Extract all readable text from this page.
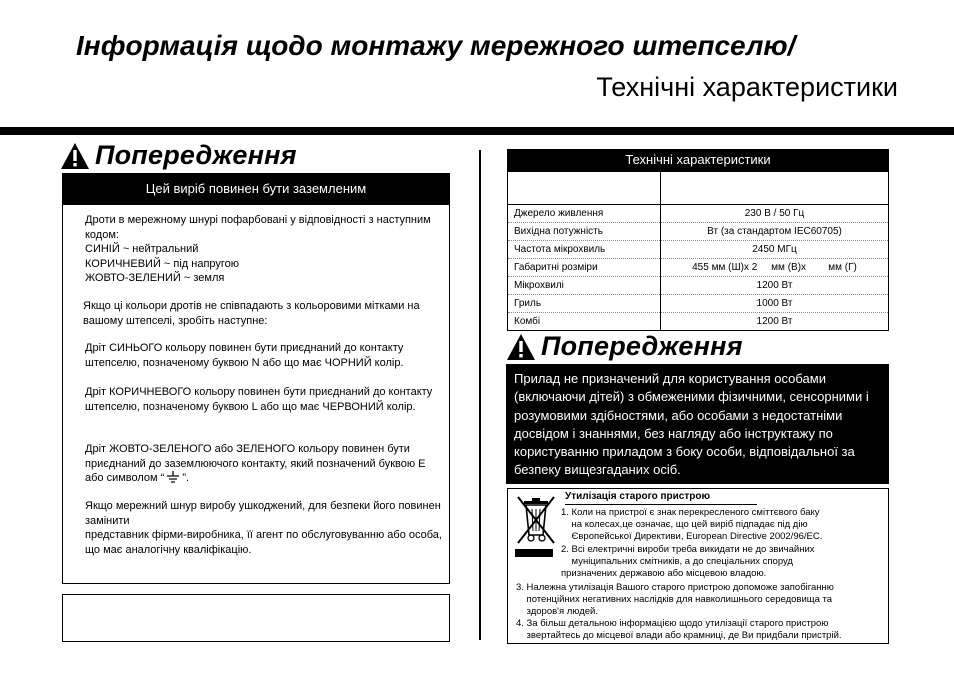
Інформація щодо монтажу мережного штепселю/
Технічні характеристики
Попередження
Цей виріб повинен бути заземленим

Дроти в мережному шнурі пофарбовані у відповідності з наступним кодом:
СИНІЙ ~ нейтральний
КОРИЧНЕВИЙ ~ під напругою
ЖОВТО-ЗЕЛЕНИЙ ~ земля

Якщо ці кольори дротів не співпадають з кольоровими мітками на вашому штепселі, зробіть наступне:

Дріт СИНЬОГО кольору повинен бути приєднаний до контакту штепселю, позначеному буквою N або що має ЧОРНИЙ колір.

Дріт КОРИЧНЕВОГО кольору повинен бути приєднаний до контакту штепселю, позначеному буквою L або що має ЧЕРВОНИЙ колір.

Дріт ЖОВТО-ЗЕЛЕНОГО або ЗЕЛЕНОГО кольору повинен бути приєднаний до заземлюючого контакту, який позначений буквою E або символом “ ”.

Якщо мережний шнур виробу ушкоджений, для безпеки його повинен замінити
представник фірми-виробника, її агент по обслуговуванню або особа, що має аналогічну кваліфікацію.

Технічні характеристики

Джерело живлення	230 В / 50 Гц
Вихідна потужність	Вт (за стандартом IEC60705)
Частота мікрохвиль	2450 МГц
Габаритні розміри	455 мм (Ш)x 2     мм (В)x        мм (Г)
Мікрохвилі	1200 Вт
Гриль	1000 Вт
Комбі	1200 Вт
Попередження
Прилад не призначений для користування особами (включаючи дітей) з обмеженими фізичними, сенсорними і розумовими здібностями, або особами з недостатніми досвідом і знаннями, без нагляду або інструктажу по користуванню приладом з боку особи, відповідальної за безпеку вищезгаданих осіб.
Утилізація старого пристрою

1. Коли на пристрої є знак перекресленого сміттєвого баку
на колесах,це означає, що цей виріб підпадає під дію
Європейської Директиви, European Directive 2002/96/EC.

2. Всі електричні вироби треба викидати не до звичайних
муніципальних смітників, а до спеціальних споруд
призначених державою або місцевою владою.

3. Належна утилізація Вашого старого пристрою допоможе запобіганню
потенційних негативних наслідків для навколишнього середовища та
здоров'я людей.

4. За більш детальною інформацією щодо утилізації старого пристрою
звертайтесь до місцевої влади або крамниці, де Ви придбали пристрій.
